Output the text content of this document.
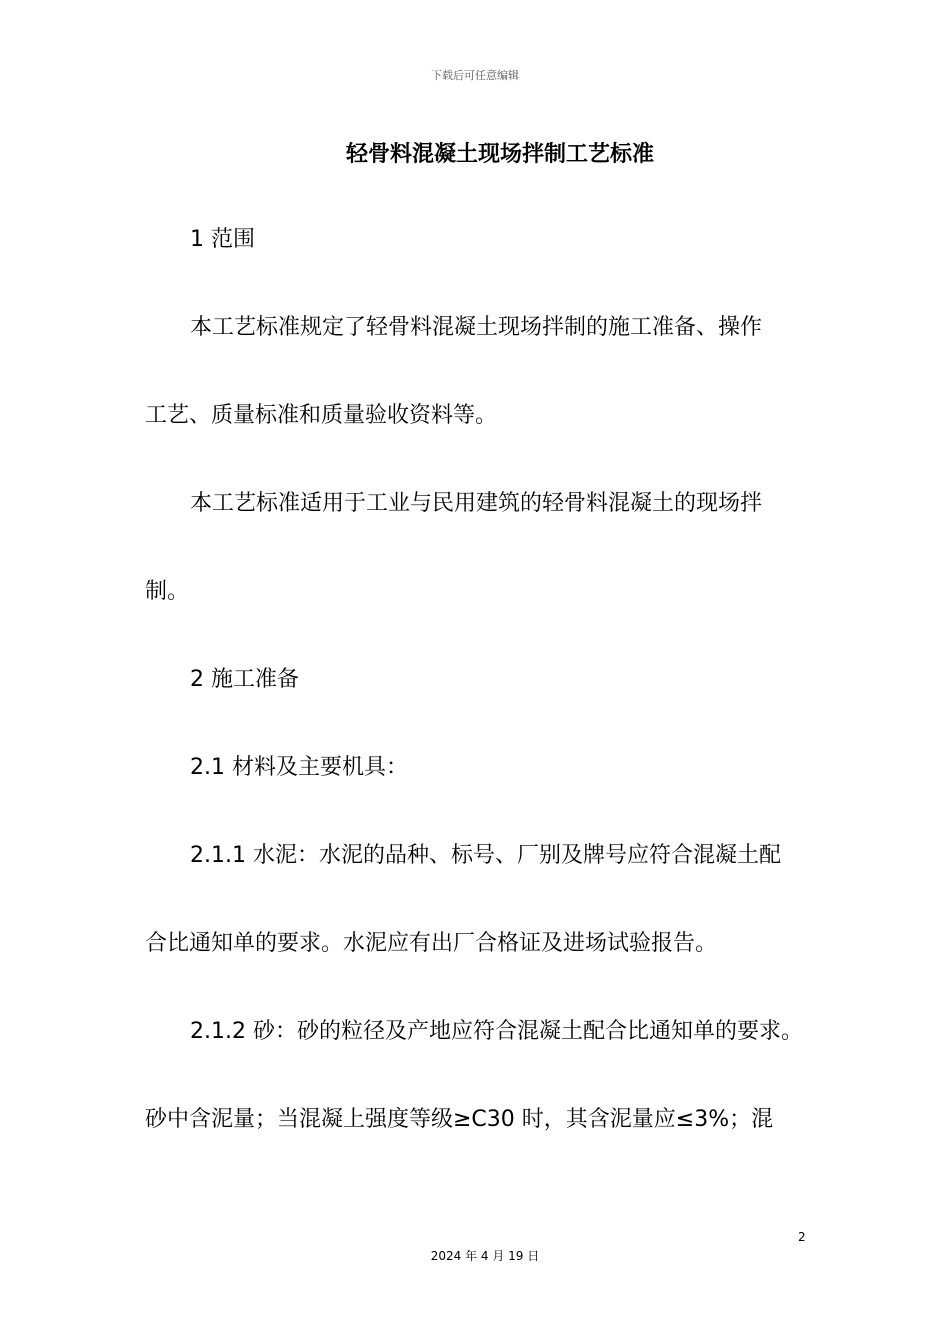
下载后可任意编辑
轻骨料混凝土现场拌制工艺标准
1 范围
本工艺标准规定了轻骨料混凝土现场拌制的施工准备、操作
工艺、质量标准和质量验收资料等。
本工艺标准适用于工业与民用建筑的轻骨料混凝土的现场拌
制。
2 施工准备
2.1 材料及主要机具：
2.1.1 水泥：水泥的品种、标号、厂别及牌号应符合混凝土配
合比通知单的要求。水泥应有出厂合格证及进场试验报告。
2.1.2 砂：砂的粒径及产地应符合混凝土配合比通知单的要求。
砂中含泥量；当混凝上强度等级≥C30 时，其含泥量应≤3%；混
2
2024 年 4 月 19 日
